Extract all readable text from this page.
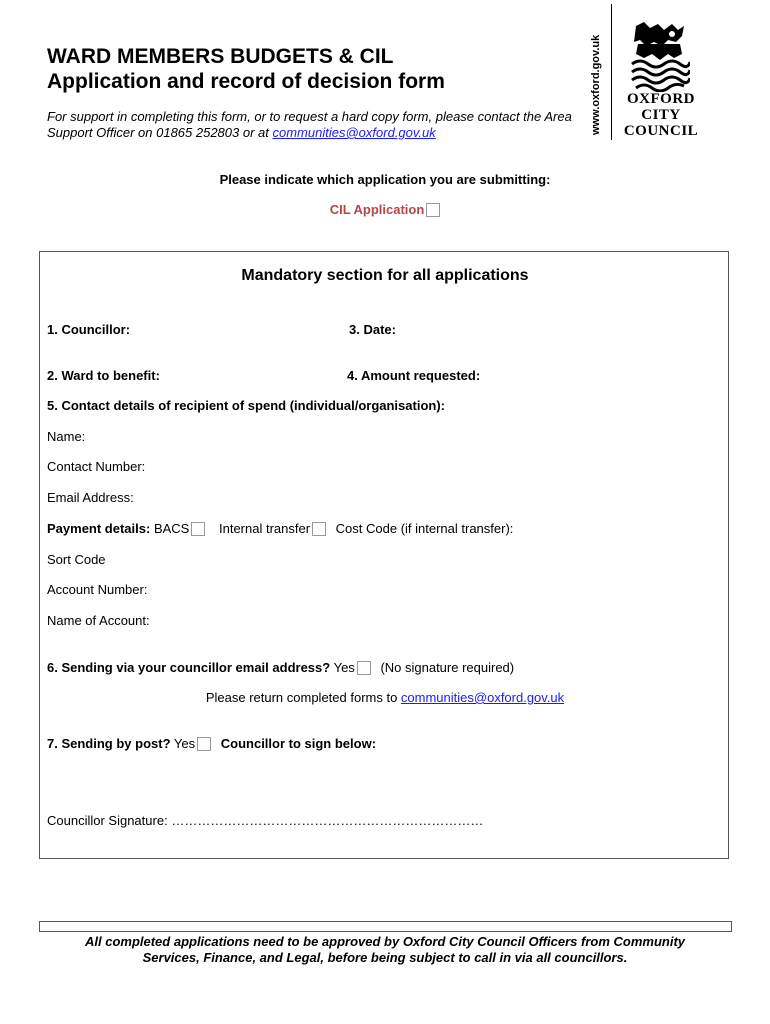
WARD MEMBERS BUDGETS & CIL
Application and record of decision form
For support in completing this form, or to request a hard copy form, please contact the Area Support Officer on 01865 252803 or at communities@oxford.gov.uk	www.oxford.gov.uk	OXFORD
CITY
COUNCIL
Please indicate which application you are submitting:
CIL Application
Mandatory section for all applications
1. Councillor:	3. Date:
2. Ward to benefit:	4. Amount requested:
5. Contact details of recipient of spend (individual/organisation):
Name:
Contact Number:
Email Address:
Payment details: BACS Internal transfer Cost Code (if internal transfer):
Sort Code
Account Number:
Name of Account:
6. Sending via your councillor email address? Yes (No signature required)
Please return completed forms to communities@oxford.gov.uk
7. Sending by post? Yes Councillor to sign below:
Councillor Signature: ………………………………………………………………
All completed applications need to be approved by Oxford City Council Officers from Community
Services, Finance, and Legal, before being subject to call in via all councillors.
